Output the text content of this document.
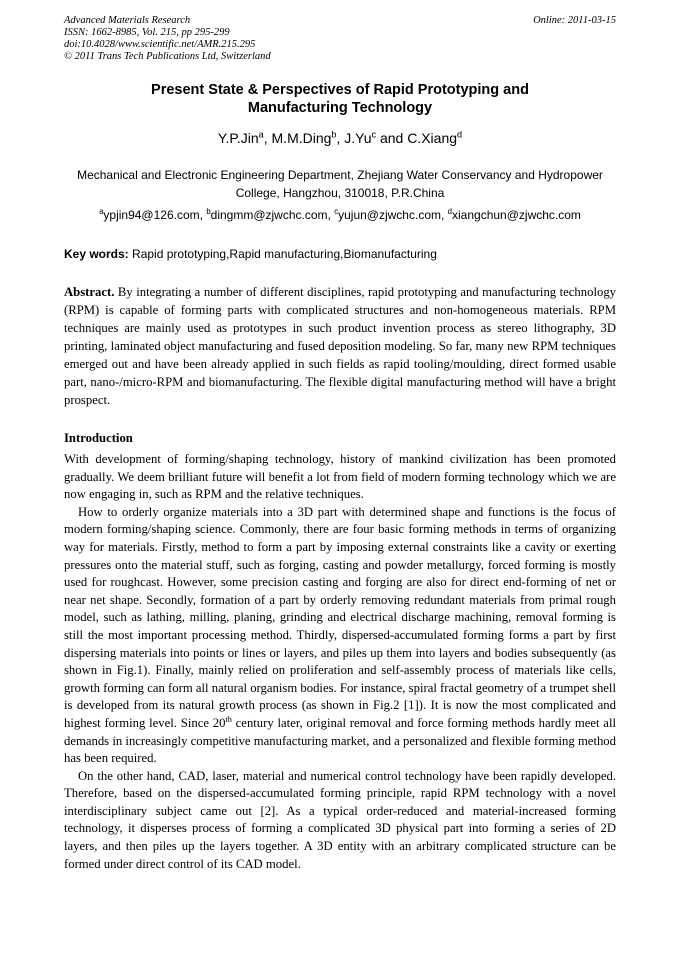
Advanced Materials Research
ISSN: 1662-8985, Vol. 215, pp 295-299
doi:10.4028/www.scientific.net/AMR.215.295
© 2011 Trans Tech Publications Ltd, Switzerland
Online: 2011-03-15
Present State & Perspectives of Rapid Prototyping and
Manufacturing Technology
Y.P.Jin$^a$, M.M.Ding$^b$, J.Yu$^c$ and C.Xiang$^d$
Mechanical and Electronic Engineering Department, Zhejiang Water Conservancy and Hydropower
College, Hangzhou, 310018, P.R.China
$^a$ypjin94@126.com, $^b$dingmm@zjwchc.com, $^c$yujun@zjwchc.com, $^d$xiangchun@zjwchc.com
Key words: Rapid prototyping,Rapid manufacturing,Biomanufacturing
Abstract. By integrating a number of different disciplines, rapid prototyping and manufacturing technology (RPM) is capable of forming parts with complicated structures and non-homogeneous materials. RPM techniques are mainly used as prototypes in such product invention process as stereo lithography, 3D printing, laminated object manufacturing and fused deposition modeling. So far, many new RPM techniques emerged out and have been already applied in such fields as rapid tooling/moulding, direct formed usable part, nano-/micro-RPM and biomanufacturing. The flexible digital manufacturing method will have a bright prospect.
Introduction

With development of forming/shaping technology, history of mankind civilization has been promoted gradually. We deem brilliant future will benefit a lot from field of modern forming technology which we are now engaging in, such as RPM and the relative techniques.

How to orderly organize materials into a 3D part with determined shape and functions is the focus of modern forming/shaping science. Commonly, there are four basic forming methods in terms of organizing way for materials. Firstly, method to form a part by imposing external constraints like a cavity or exerting pressures onto the material stuff, such as forging, casting and powder metallurgy, forced forming is mostly used for roughcast. However, some precision casting and forging are also for direct end-forming of net or near net shape. Secondly, formation of a part by orderly removing redundant materials from primal rough model, such as lathing, milling, planing, grinding and electrical discharge machining, removal forming is still the most important processing method. Thirdly, dispersed-accumulated forming forms a part by first dispersing materials into points or lines or layers, and piles up them into layers and bodies subsequently (as shown in Fig.1). Finally, mainly relied on proliferation and self-assembly process of materials like cells, growth forming can form all natural organism bodies. For instance, spiral fractal geometry of a trumpet shell is developed from its natural growth process (as shown in Fig.2 [1]). It is now the most complicated and highest forming level. Since 20th century later, original removal and force forming methods hardly meet all demands in increasingly competitive manufacturing market, and a personalized and flexible forming method has been required.

On the other hand, CAD, laser, material and numerical control technology have been rapidly developed. Therefore, based on the dispersed-accumulated forming principle, rapid RPM technology with a novel interdisciplinary subject came out [2]. As a typical order-reduced and material-increased forming technology, it disperses process of forming a complicated 3D physical part into forming a series of 2D layers, and then piles up the layers together. A 3D entity with an arbitrary complicated structure can be formed under direct control of its CAD model.
